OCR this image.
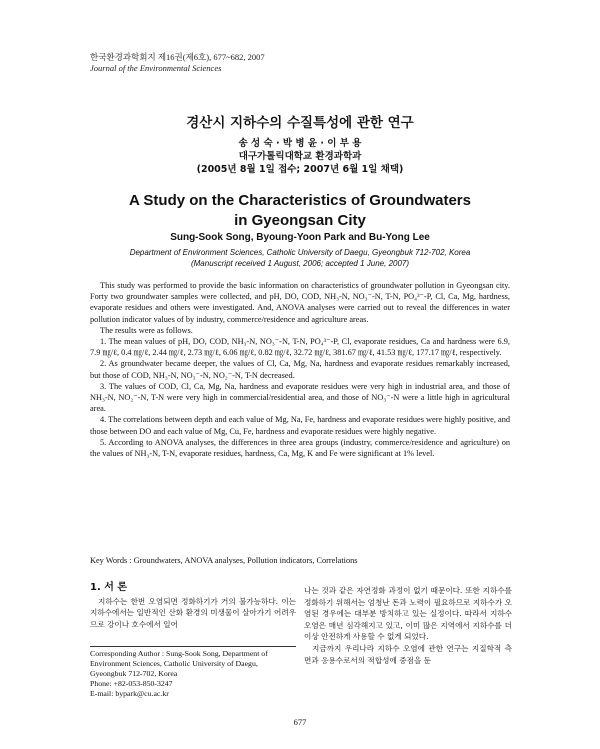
한국환경과학회지 제16권(제6호), 677~682, 2007
Journal of the Environmental Sciences
경산시 지하수의 수질특성에 관한 연구
송 성 숙 · 박 병 윤 · 이 부 용
대구가톨릭대학교 환경과학과
(2005년 8월 1일 접수; 2007년 6월 1일 채택)
A Study on the Characteristics of Groundwaters
in Gyeongsan City
Sung-Sook Song, Byoung-Yoon Park and Bu-Yong Lee
Department of Environment Sciences, Catholic University of Daegu, Gyeongbuk 712-702, Korea
(Manuscript received 1 August, 2006; accepted 1 June, 2007)

This study was performed to provide the basic information on characteristics of groundwater pollution in Gyeongsan city. Forty two groundwater samples were collected, and pH, DO, COD, NH₃-N, NO₃⁻-N, T-N, PO₄³⁻-P, Cl, Ca, Mg, hardness, evaporate residues and others were investigated. And, ANOVA analyses were carried out to reveal the differences in water pollution indicator values of by industry, commerce/residence and agriculture areas.

The results were as follows.

1. The mean values of pH, DO, COD, NH₃-N, NO₃⁻-N, T-N, PO₄³⁻-P, Cl, evaporate residues, Ca and hardness were 6.9, 7.9 ㎎/ℓ, 0.4 ㎎/ℓ, 2.44 ㎎/ℓ, 2.73 ㎎/ℓ, 6.06 ㎎/ℓ, 0.82 ㎎/ℓ, 32.72 ㎎/ℓ, 381.67 ㎎/ℓ, 41.53 ㎎/ℓ, 177.17 ㎎/ℓ, respectively.

2. As groundwater became deeper, the values of Cl, Ca, Mg, Na, hardness and evaporate residues remarkably increased, but those of COD, NH₃-N, NO₃⁻-N, NO₂⁻-N, T-N decreased.

3. The values of COD, Cl, Ca, Mg, Na, hardness and evaporate residues were very high in industrial area, and those of NH₃-N, NO₂⁻-N, T-N were very high in commercial/residential area, and those of NO₃⁻-N were a little high in agricultural area.

4. The correlations between depth and each value of Mg, Na, Fe, hardness and evaporate residues were highly positive, and those between DO and each value of Mg, Cu, Fe, hardness and evaporate residues were highly negative.

5. According to ANOVA analyses, the differences in three area groups (industry, commerce/residence and agriculture) on the values of NH₃-N, T-N, evaporate residues, hardness, Ca, Mg, K and Fe were significant at 1% level.

Key Words : Groundwaters, ANOVA analyses, Pollution indicators, Correlations
1. 서 론

지하수는 한번 오염되면 정화하기가 거의 불가능하다. 이는 지하수에서는 일반적인 산화 환경의 미생물이 살아가기 어려우므로 강이나 호수에서 일어

Corresponding Author : Sung-Sook Song, Department of Environment Sciences, Catholic University of Daegu, Gyeongbuk 712-702, Korea
Phone: +82-053-850-3247
E-mail: bypark@cu.ac.kr

나는 것과 같은 자연정화 과정이 없기 때문이다. 또한 지하수를 정화하기 위해서는 엄청난 돈과 노력이 필요하므로 지하수가 오염된 경우에는 대부분 방치하고 있는 실정이다. 따라서 지하수 오염은 매년 심각해지고 있고, 이미 많은 지역에서 지하수를 더 이상 안전하게 사용할 수 없게 되었다.

지금까지 우리나라 지하수 오염에 관한 연구는 지질학적 측면과 응용수로서의 적합성에 중점을 둔

677
